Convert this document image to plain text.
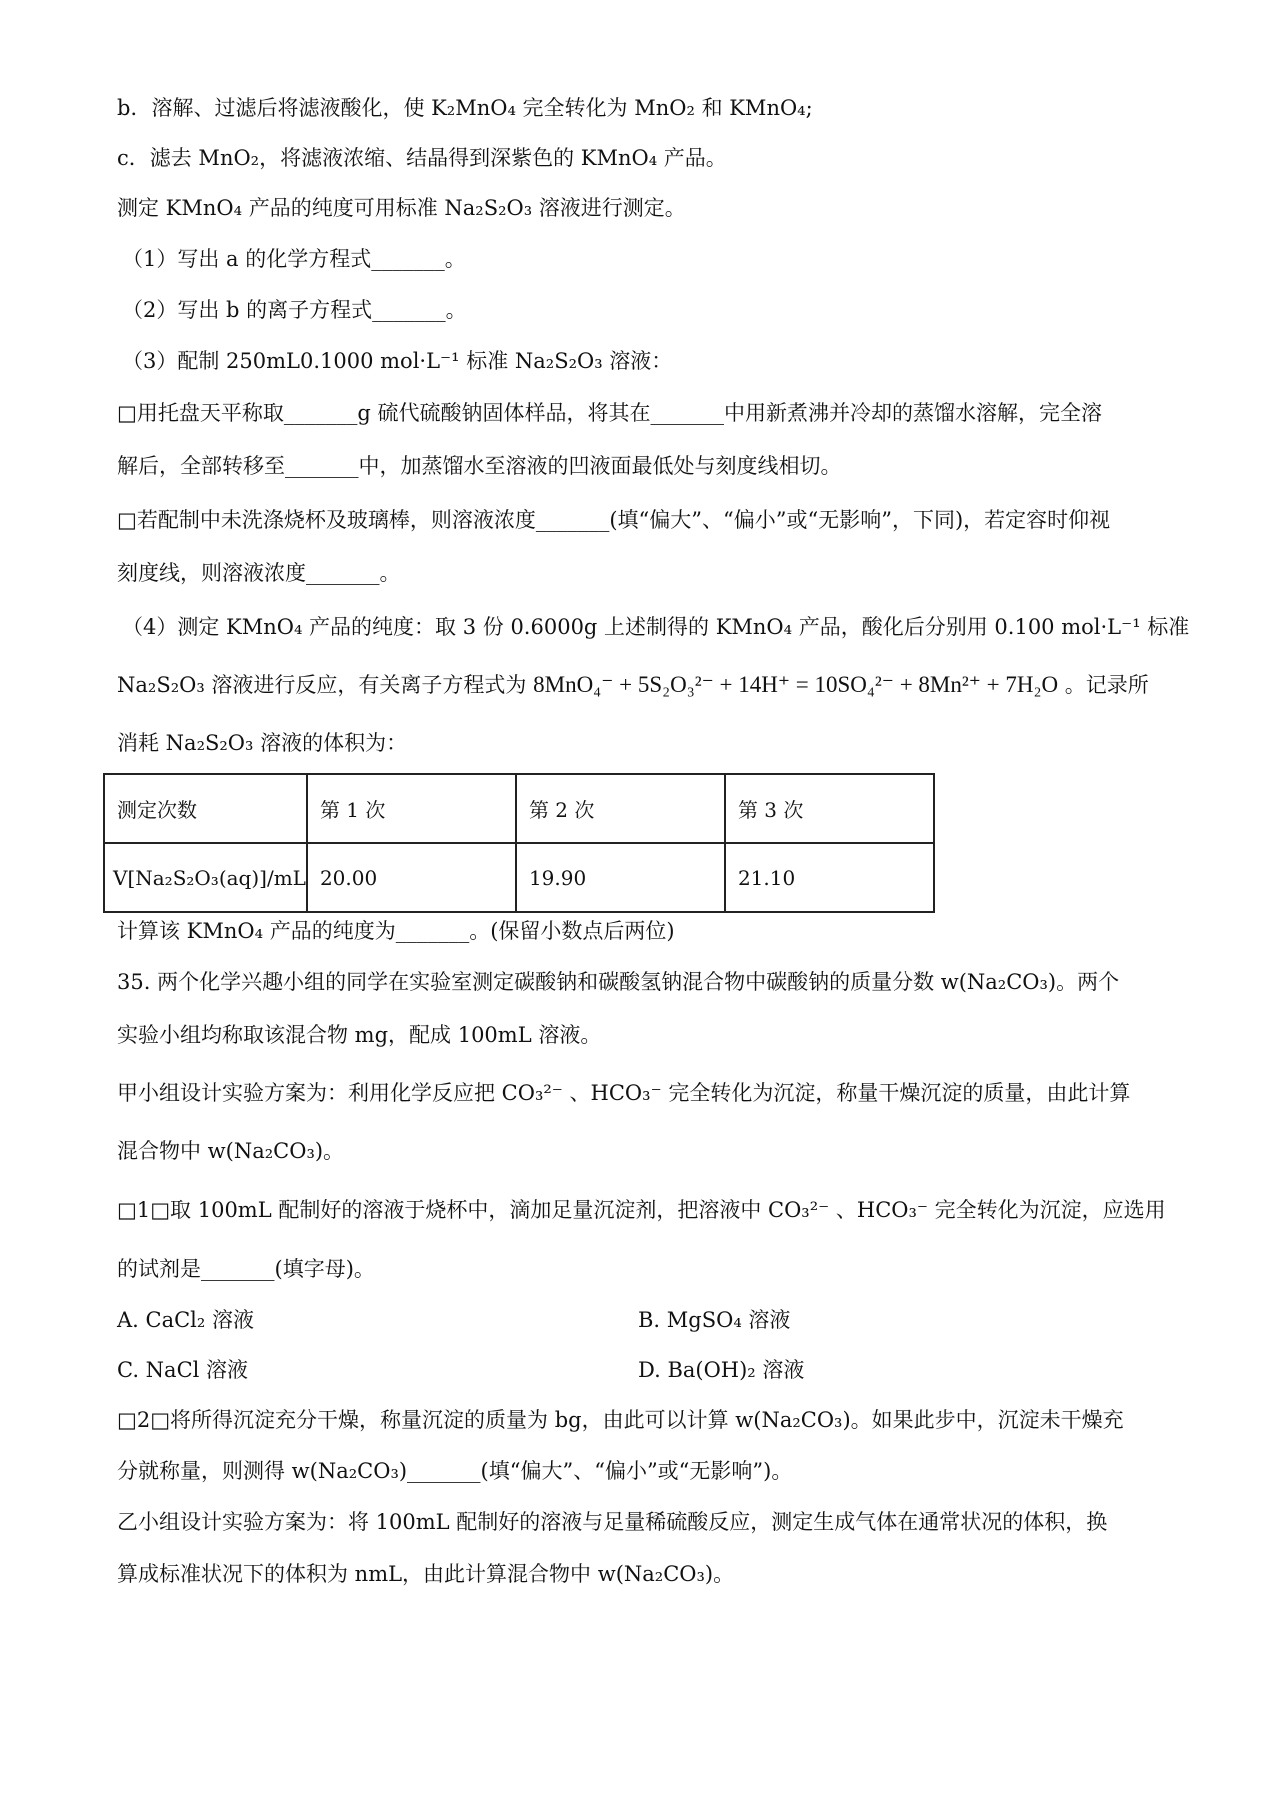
b．溶解、过滤后将滤液酸化，使 K₂MnO₄ 完全转化为 MnO₂ 和 KMnO₄;
c．滤去 MnO₂，将滤液浓缩、结晶得到深紫色的 KMnO₄ 产品。
测定 KMnO₄ 产品的纯度可用标准 Na₂S₂O₃ 溶液进行测定。
（1）写出 a 的化学方程式_______。
（2）写出 b 的离子方程式_______。
（3）配制 250mL0.1000 mol·L⁻¹ 标准 Na₂S₂O₃ 溶液：
□用托盘天平称取_______g 硫代硫酸钠固体样品，将其在_______中用新煮沸并冷却的蒸馏水溶解，完全溶
解后，全部转移至_______中，加蒸馏水至溶液的凹液面最低处与刻度线相切。
□若配制中未洗涤烧杯及玻璃棒，则溶液浓度_______(填“偏大”、“偏小”或“无影响”，下同)，若定容时仰视
刻度线，则溶液浓度_______。
（4）测定 KMnO₄ 产品的纯度：取 3 份 0.6000g 上述制得的 KMnO₄ 产品，酸化后分别用 0.100 mol·L⁻¹ 标准
Na₂S₂O₃ 溶液进行反应，有关离子方程式为 8MnO₄⁻ + 5S₂O₃²⁻ + 14H⁺ = 10SO₄²⁻ + 8Mn²⁺ + 7H₂O 。记录所
消耗 Na₂S₂O₃ 溶液的体积为：
测定次数	第 1 次	第 2 次	第 3 次
V[Na₂S₂O₃(aq)]/mL	20.00	19.90	21.10
计算该 KMnO₄ 产品的纯度为_______。(保留小数点后两位)
35. 两个化学兴趣小组的同学在实验室测定碳酸钠和碳酸氢钠混合物中碳酸钠的质量分数 w(Na₂CO₃)。两个
实验小组均称取该混合物 mg，配成 100mL 溶液。
甲小组设计实验方案为：利用化学反应把 CO₃²⁻ 、HCO₃⁻ 完全转化为沉淀，称量干燥沉淀的质量，由此计算
混合物中 w(Na₂CO₃)。
□1□取 100mL 配制好的溶液于烧杯中，滴加足量沉淀剂，把溶液中 CO₃²⁻ 、HCO₃⁻ 完全转化为沉淀，应选用
的试剂是_______(填字母)。
A. CaCl₂ 溶液	B. MgSO₄ 溶液
C. NaCl 溶液	D. Ba(OH)₂ 溶液
□2□将所得沉淀充分干燥，称量沉淀的质量为 bg，由此可以计算 w(Na₂CO₃)。如果此步中，沉淀未干燥充
分就称量，则测得 w(Na₂CO₃)_______(填“偏大”、“偏小”或“无影响”)。
乙小组设计实验方案为：将 100mL 配制好的溶液与足量稀硫酸反应，测定生成气体在通常状况的体积，换
算成标准状况下的体积为 nmL，由此计算混合物中 w(Na₂CO₃)。
